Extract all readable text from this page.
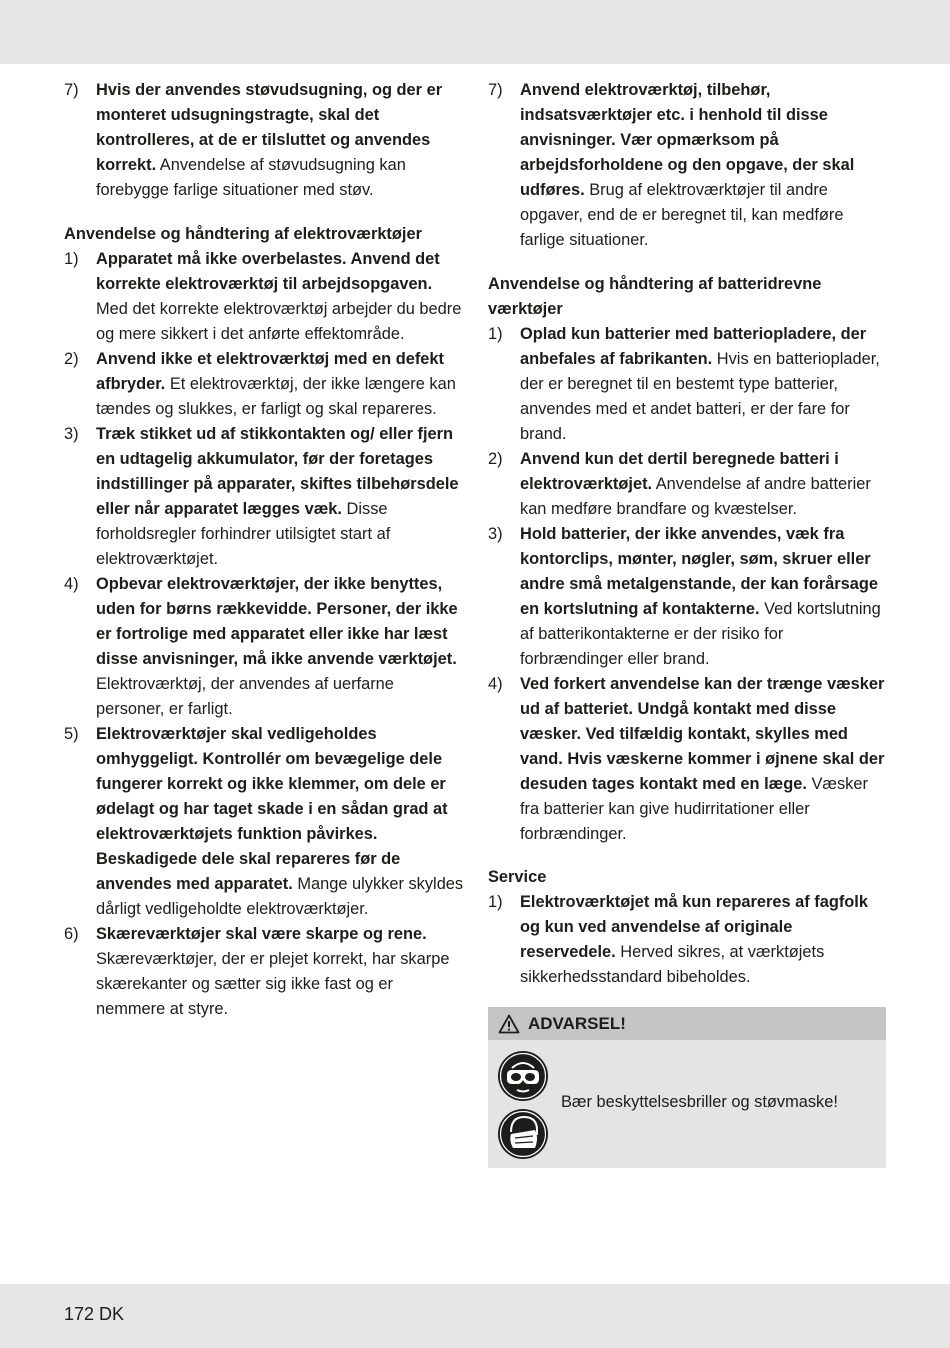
7)	Hvis der anvendes støvudsugning, og der er monteret udsugningstragte, skal det kontrolleres, at de er tilsluttet og anvendes korrekt. Anvendelse af støvudsugning kan forebygge farlige situationer med støv.

Anvendelse og håndtering af elektroværktøjer

1)	Apparatet må ikke overbelastes. Anvend det korrekte elektroværktøj til arbejdsopgaven. Med det korrekte elektroværktøj arbejder du bedre og mere sikkert i det anførte effektområde.
2)	Anvend ikke et elektroværktøj med en defekt afbryder. Et elektroværktøj, der ikke længere kan tændes og slukkes, er farligt og skal repareres.
3)	Træk stikket ud af stikkontakten og/ eller fjern en udtagelig akkumulator, før der foretages indstillinger på apparater, skiftes tilbehørsdele eller når apparatet lægges væk. Disse forholdsregler forhindrer utilsigtet start af elektroværktøjet.
4)	Opbevar elektroværktøjer, der ikke benyttes, uden for børns rækkevidde. Personer, der ikke er fortrolige med apparatet eller ikke har læst disse anvisninger, må ikke anvende værktøjet. Elektroværktøj, der anvendes af uerfarne personer, er farligt.
5)	Elektroværktøjer skal vedligeholdes omhyggeligt. Kontrollér om bevægelige dele fungerer korrekt og ikke klemmer, om dele er ødelagt og har taget skade i en sådan grad at elektroværktøjets funktion påvirkes. Beskadigede dele skal repareres før de anvendes med apparatet. Mange ulykker skyldes dårligt vedligeholdte elektroværktøjer.
6)	Skæreværktøjer skal være skarpe og rene. Skæreværktøjer, der er plejet korrekt, har skarpe skærekanter og sætter sig ikke fast og er nemmere at styre.
7)	Anvend elektroværktøj, tilbehør, indsatsværktøjer etc. i henhold til disse anvisninger. Vær opmærksom på arbejdsforholdene og den opgave, der skal udføres. Brug af elektroværktøjer til andre opgaver, end de er beregnet til, kan medføre farlige situationer.

Anvendelse og håndtering af batteridrevne værktøjer

1)	Oplad kun batterier med batteriopladere, der anbefales af fabrikanten. Hvis en batterioplader, der er beregnet til en bestemt type batterier, anvendes med et andet batteri, er der fare for brand.
2)	Anvend kun det dertil beregnede batteri i elektroværktøjet. Anvendelse af andre batterier kan medføre brandfare og kvæstelser.
3)	Hold batterier, der ikke anvendes, væk fra kontorclips, mønter, nøgler, søm, skruer eller andre små metalgenstande, der kan forårsage en kortslutning af kontakterne. Ved kortslutning af batterikontakterne er der risiko for forbrændinger eller brand.
4)	Ved forkert anvendelse kan der trænge væsker ud af batteriet. Undgå kontakt med disse væsker. Ved tilfældig kontakt, skylles med vand. Hvis væskerne kommer i øjnene skal der desuden tages kontakt med en læge. Væsker fra batterier kan give hudirritationer eller forbrændinger.

Service

1)	Elektroværktøjet må kun repareres af fagfolk og kun ved anvendelse af originale reservedele. Herved sikres, at værktøjets sikkerhedsstandard bibeholdes.
ADVARSEL!
Bær beskyttelsesbriller og støvmaske!
172 DK
